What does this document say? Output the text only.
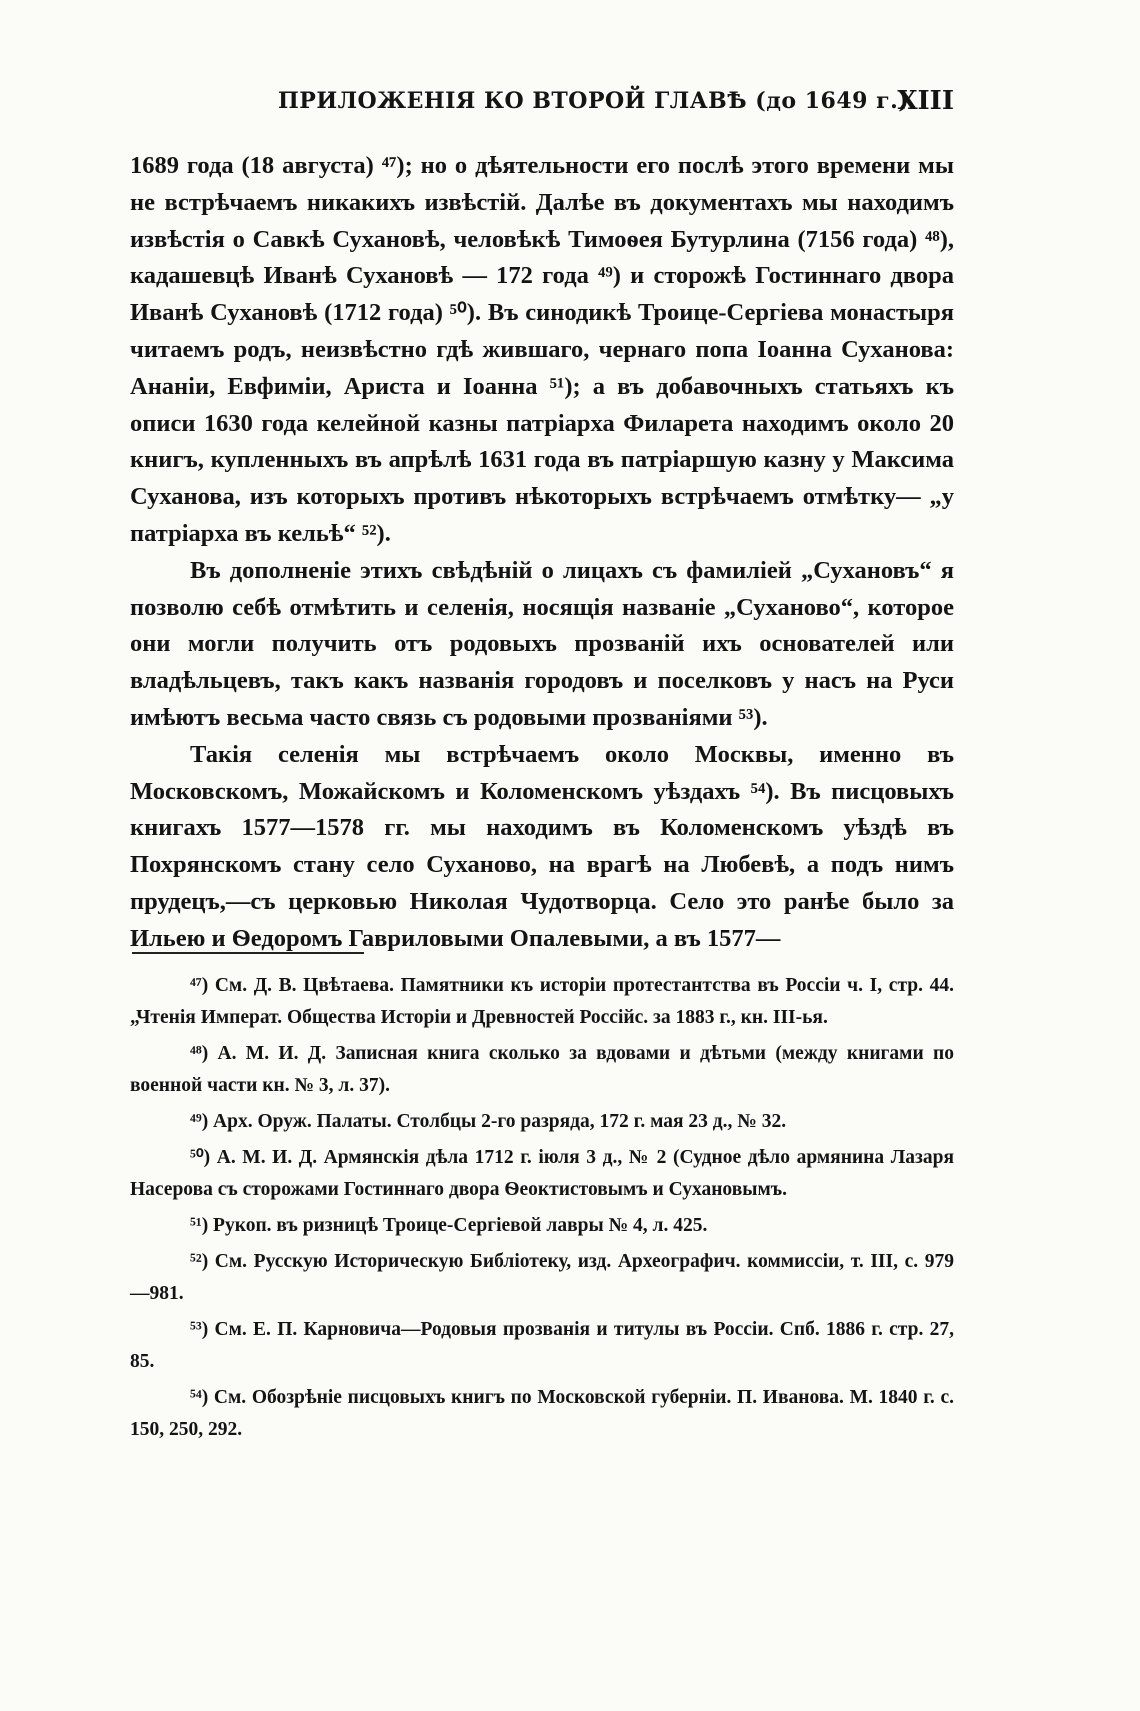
ПРИЛОЖЕНІЯ КО ВТОРОЙ ГЛАВѢ (до 1649 г.)
XIII

1689 года (18 августа) ⁴⁷); но о дѣятельности его послѣ этого времени мы не встрѣчаемъ никакихъ извѣстій. Далѣе въ документахъ мы находимъ извѣстія о Савкѣ Сухановѣ, человѣкѣ Тимоѳея Бутурлина (7156 года) ⁴⁸), кадашевцѣ Иванѣ Сухановѣ — 172 года ⁴⁹) и сторожѣ Гостиннаго двора Иванѣ Сухановѣ (1712 года) ⁵⁰). Въ синодикѣ Троице-Сергіева монастыря читаемъ родъ, неизвѣстно гдѣ жившаго, чернаго попа Іоанна Суханова: Ананіи, Евфиміи, Ариста и Іоанна ⁵¹); а въ добавочныхъ статьяхъ къ описи 1630 года келейной казны патріарха Филарета находимъ около 20 книгъ, купленныхъ въ апрѣлѣ 1631 года въ патріаршую казну у Максима Суханова, изъ которыхъ противъ нѣкоторыхъ встрѣчаемъ отмѣтку— „у патріарха въ кельѣ“ ⁵²).

Въ дополненіе этихъ свѣдѣній о лицахъ съ фамиліей „Сухановъ“ я позволю себѣ отмѣтить и селенія, носящія названіе „Суханово“, которое они могли получить отъ родовыхъ прозваній ихъ основателей или владѣльцевъ, такъ какъ названія городовъ и поселковъ у насъ на Руси имѣютъ весьма часто связь съ родовыми прозваніями ⁵³).

Такія селенія мы встрѣчаемъ около Москвы, именно въ Московскомъ, Можайскомъ и Коломенскомъ уѣздахъ ⁵⁴). Въ писцовыхъ книгахъ 1577—1578 гг. мы находимъ въ Коломенскомъ уѣздѣ въ Похрянскомъ стану село Суханово, на врагѣ на Любевѣ, а подъ нимъ прудецъ,—съ церковью Николая Чудотворца. Село это ранѣе было за Ильею и Ѳедоромъ Гавриловыми Опалевыми, а въ 1577—

⁴⁷) См. Д. В. Цвѣтаева. Памятники къ исторіи протестантства въ Россіи ч. I, стр. 44. „Чтенія Императ. Общества Исторіи и Древностей Россійс. за 1883 г., кн. III-ья.

⁴⁸) А. М. И. Д. Записная книга сколько за вдовами и дѣтьми (между книгами по военной части кн. № 3, л. 37).

⁴⁹) Арх. Оруж. Палаты. Столбцы 2-го разряда, 172 г. мая 23 д., № 32.

⁵⁰) А. М. И. Д. Армянскія дѣла 1712 г. іюля 3 д., № 2 (Судное дѣло армянина Лазаря Насерова съ сторожами Гостиннаго двора Ѳеоктистовымъ и Сухановымъ.

⁵¹) Рукоп. въ ризницѣ Троице-Сергіевой лавры № 4, л. 425.

⁵²) См. Русскую Историческую Библіотеку, изд. Археографич. коммиссіи, т. III, с. 979—981.

⁵³) См. Е. П. Карновича—Родовыя прозванія и титулы въ Россіи. Спб. 1886 г. стр. 27, 85.

⁵⁴) См. Обозрѣніе писцовыхъ книгъ по Московской губерніи. П. Иванова. М. 1840 г. с. 150, 250, 292.
